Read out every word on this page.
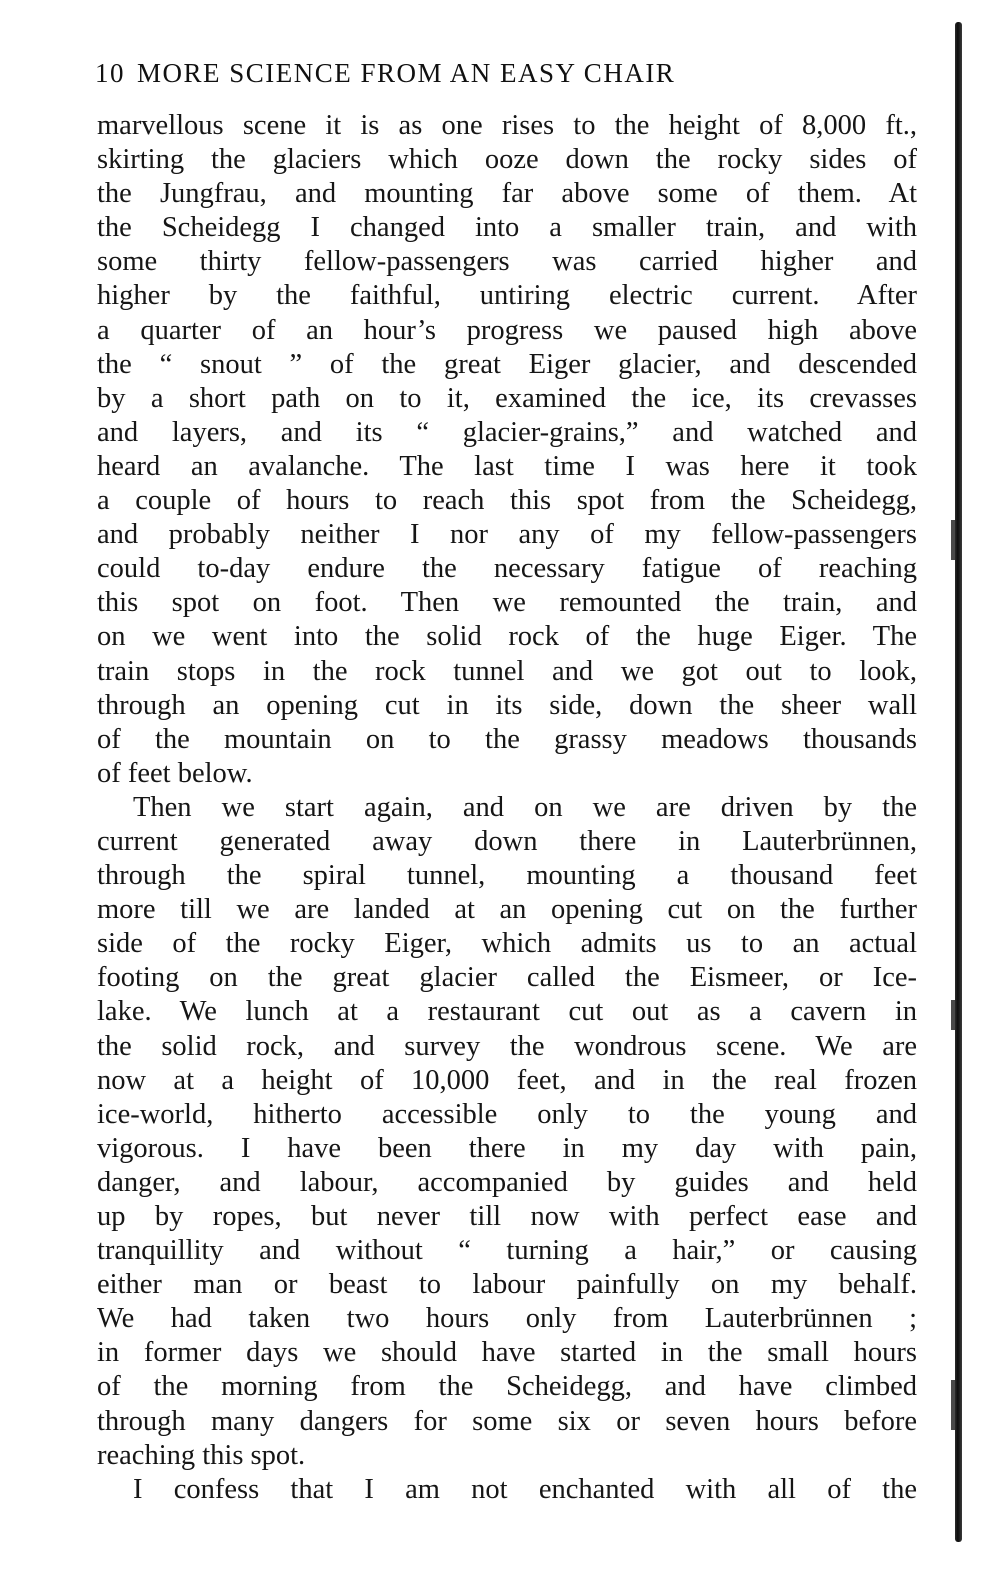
10 MORE SCIENCE FROM AN EASY CHAIR
marvellous scene it is as one rises to the height of 8,000 ft.,
skirting the glaciers which ooze down the rocky sides of
the Jungfrau, and mounting far above some of them. At
the Scheidegg I changed into a smaller train, and with
some thirty fellow-passengers was carried higher and
higher by the faithful, untiring electric current. After
a quarter of an hour’s progress we paused high above
the “ snout ” of the great Eiger glacier, and descended
by a short path on to it, examined the ice, its crevasses
and layers, and its “ glacier-grains,” and watched and
heard an avalanche. The last time I was here it took
a couple of hours to reach this spot from the Scheidegg,
and probably neither I nor any of my fellow-passengers
could to-day endure the necessary fatigue of reaching
this spot on foot. Then we remounted the train, and
on we went into the solid rock of the huge Eiger. The
train stops in the rock tunnel and we got out to look,
through an opening cut in its side, down the sheer wall
of the mountain on to the grassy meadows thousands
of feet below.
Then we start again, and on we are driven by the
current generated away down there in Lauterbrünnen,
through the spiral tunnel, mounting a thousand feet
more till we are landed at an opening cut on the further
side of the rocky Eiger, which admits us to an actual
footing on the great glacier called the Eismeer, or Ice-
lake. We lunch at a restaurant cut out as a cavern in
the solid rock, and survey the wondrous scene. We are
now at a height of 10,000 feet, and in the real frozen
ice-world, hitherto accessible only to the young and
vigorous. I have been there in my day with pain,
danger, and labour, accompanied by guides and held
up by ropes, but never till now with perfect ease and
tranquillity and without “ turning a hair,” or causing
either man or beast to labour painfully on my behalf.
We had taken two hours only from Lauterbrünnen ;
in former days we should have started in the small hours
of the morning from the Scheidegg, and have climbed
through many dangers for some six or seven hours before
reaching this spot.
I confess that I am not enchanted with all of the
